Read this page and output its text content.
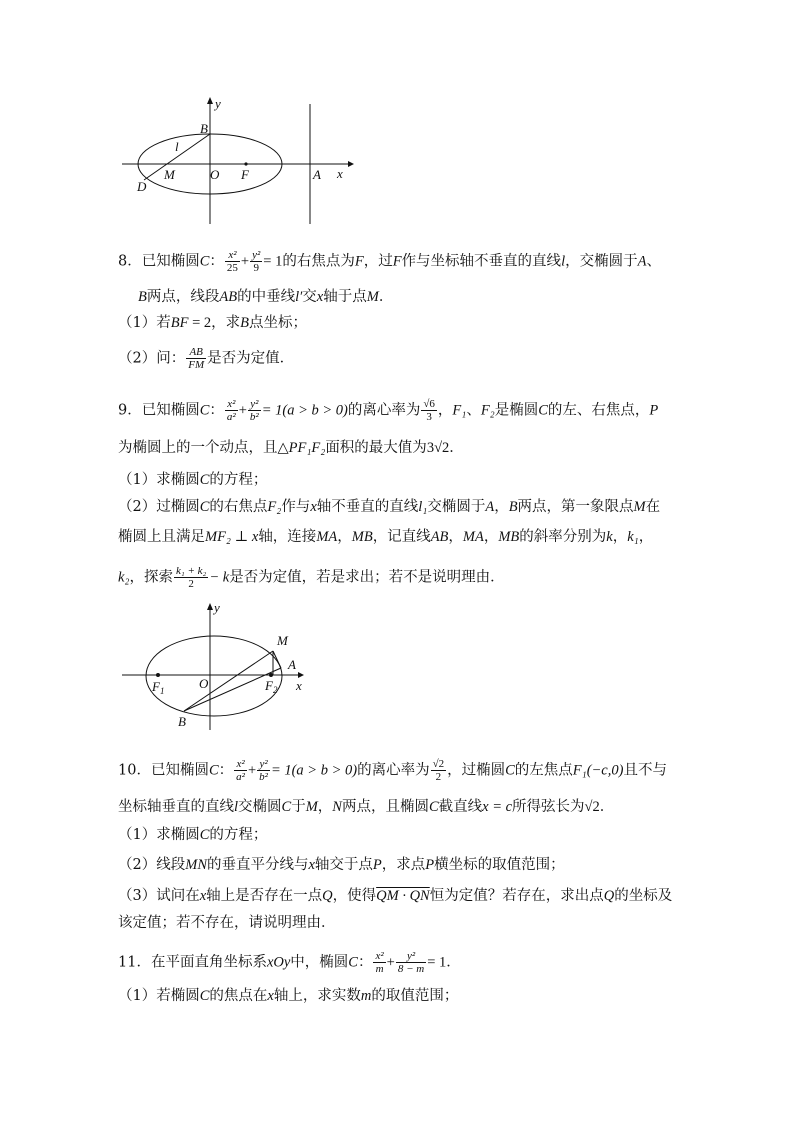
y
x
B
l
M	O F	A
D
8．已知椭圆C： $\frac{\text{x²}}{25} + \frac{\text{y²}}{9} = 1$的右焦点为F，过F作与坐标轴不垂直的直线l，交椭圆于A、
B两点，线段AB的中垂线l′交x轴于点M．
（1）若BF = 2，求B点坐标；
（2）问： $\frac{AB}{FM}$ 是否为定值．
9．已知椭圆C： $\frac{\text{x²}}{\text{a²}} + \frac{\text{y²}}{\text{b²}} = 1(a > b > 0)$的离心率为 $\frac{√6}{3}$ ，F₁、F₂是椭圆C的左、右焦点，P
为椭圆上的一个动点，且△PF₁F₂面积的最大值为3√2．
（1）求椭圆C的方程；
（2）过椭圆C的右焦点F₂作与x轴不垂直的直线l₁交椭圆于A，B两点，第一象限点M在
椭圆上且满足MF₂ ⊥ x轴，连接MA，MB，记直线AB，MA，MB的斜率分别为k，k₁，
k₂，探索 $\frac{\text{k₁ + k₂}}{2} - k$是否为定值，若是求出；若不是说明理由．
y
x
M
A
$F_1$	O	$F_2$
B
10．已知椭圆C： $\frac{\text{x²}}{\text{a²}} + \frac{\text{y²}}{\text{b²}} = 1(a > b > 0)$的离心率为 $\frac{√2}{2}$ ，过椭圆C的左焦点F₁(−c,0)且不与
坐标轴垂直的直线l交椭圆C于M，N两点，且椭圆C截直线x = c所得弦长为√2．
（1）求椭圆C的方程；
（2）线段MN的垂直平分线与x轴交于点P，求点P横坐标的取值范围；
（3）试问在x轴上是否存在一点Q，使得QM · QN恒为定值？若存在，求出点Q的坐标及
该定值；若不存在，请说明理由．
11．在平面直角坐标系xOy中，椭圆C： $\frac{\text{x²}}{m} + \frac{\text{y²}}{8 - m} = 1$．
（1）若椭圆C的焦点在x轴上，求实数m的取值范围；
